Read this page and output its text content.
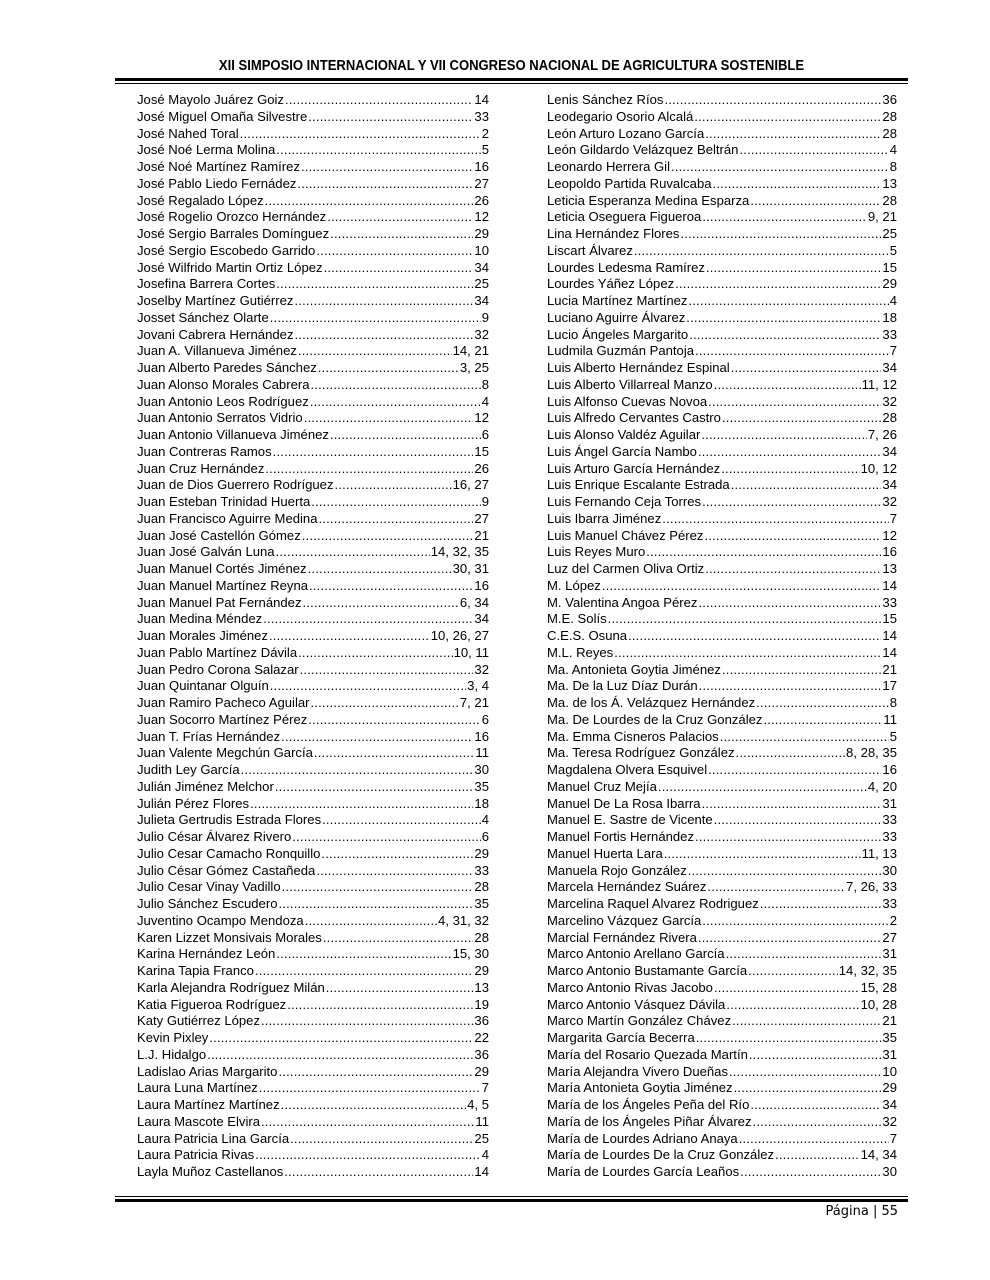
XII SIMPOSIO INTERNACIONAL Y VII CONGRESO NACIONAL DE AGRICULTURA SOSTENIBLE
José Mayolo Juárez Goiz .....	14
José Miguel Omaña Silvestre .....	33
José Nahed Toral .....	2
José Noé Lerma Molina .....	5
José Noé Martínez Ramírez .....	16
José Pablo Liedo Fernádez .....	27
José Regalado López .....	26
José Rogelio Orozco Hernández .....	12
José Sergio Barrales Domínguez .....	29
José Sergio Escobedo Garrido .....	10
José Wilfrido Martin Ortiz López .....	34
Josefina Barrera Cortes .....	25
Joselby Martínez Gutiérrez .....	34
Josset Sánchez Olarte .....	9
Jovani Cabrera Hernández .....	32
Juan A. Villanueva Jiménez .....	14, 21
Juan Alberto Paredes Sánchez .....	3, 25
Juan Alonso Morales Cabrera .....	8
Juan Antonio Leos Rodríguez .....	4
Juan Antonio Serratos Vidrio .....	12
Juan Antonio Villanueva Jiménez .....	6
Juan Contreras Ramos .....	15
Juan Cruz Hernández .....	26
Juan de Dios Guerrero Rodríguez .....	16, 27
Juan Esteban Trinidad Huerta .....	9
Juan Francisco Aguirre Medina .....	27
Juan José Castellón Gómez .....	21
Juan José Galván Luna .....	14, 32, 35
Juan Manuel Cortés Jiménez .....	30, 31
Juan Manuel Martínez Reyna .....	16
Juan Manuel Pat Fernández .....	6, 34
Juan Medina Méndez .....	34
Juan Morales Jiménez .....	10, 26, 27
Juan Pablo Martínez Dávila .....	10, 11
Juan Pedro Corona Salazar .....	32
Juan Quintanar Olguín .....	3, 4
Juan Ramiro Pacheco Aguilar .....	7, 21
Juan Socorro Martínez Pérez .....	6
Juan T. Frías Hernández .....	16
Juan Valente Megchún García .....	11
Judith Ley García .....	30
Julián Jiménez Melchor .....	35
Julián Pérez Flores .....	18
Julieta Gertrudis Estrada Flores .....	4
Julio César Álvarez Rivero .....	6
Julio Cesar Camacho Ronquillo .....	29
Julio César Gómez Castañeda .....	33
Julio Cesar Vinay Vadillo .....	28
Julio Sánchez Escudero .....	35
Juventino Ocampo Mendoza .....	4, 31, 32
Karen Lizzet Monsivais Morales .....	28
Karina Hernández León .....	15, 30
Karina Tapia Franco .....	29
Karla Alejandra Rodríguez Milán .....	13
Katia Figueroa Rodríguez .....	19
Katy Gutiérrez López .....	36
Kevin Pixley .....	22
L.J. Hidalgo .....	36
Ladislao Arias Margarito .....	29
Laura Luna Martínez .....	7
Laura Martínez Martínez .....	4, 5
Laura Mascote Elvira .....	11
Laura Patricia Lina García .....	25
Laura Patricia Rivas .....	4
Layla Muñoz Castellanos .....	14
Lenis Sánchez Ríos .....	36
Leodegario Osorio Alcalá .....	28
León Arturo Lozano García .....	28
León Gildardo Velázquez Beltrán .....	4
Leonardo Herrera Gil .....	8
Leopoldo Partida Ruvalcaba .....	13
Leticia Esperanza Medina Esparza .....	28
Leticia Oseguera Figueroa .....	9, 21
Lina Hernández Flores .....	25
Liscart Álvarez .....	5
Lourdes Ledesma Ramírez .....	15
Lourdes Yáñez López .....	29
Lucia Martínez Martínez .....	4
Luciano Aguirre Álvarez .....	18
Lucio Ángeles Margarito .....	33
Ludmila Guzmán Pantoja .....	7
Luis Alberto Hernández Espinal .....	34
Luis Alberto Villarreal Manzo .....	11, 12
Luis Alfonso Cuevas Novoa .....	32
Luis Alfredo Cervantes Castro .....	28
Luis Alonso Valdéz Aguilar .....	7, 26
Luis Ángel García Nambo .....	34
Luis Arturo García Hernández .....	10, 12
Luis Enrique Escalante Estrada .....	34
Luis Fernando Ceja Torres .....	32
Luis Ibarra Jiménez .....	7
Luis Manuel Chávez Pérez .....	12
Luis Reyes Muro .....	16
Luz del Carmen Oliva Ortiz .....	13
M. López .....	14
M. Valentina Angoa Pérez .....	33
M.E. Solís .....	15
C.E.S. Osuna .....	14
M.L. Reyes .....	14
Ma. Antonieta Goytia Jiménez .....	21
Ma. De la Luz Díaz Durán .....	17
Ma. de los Á. Velázquez Hernández .....	8
Ma. De Lourdes de la Cruz González .....	11
Ma. Emma Cisneros Palacios .....	5
Ma. Teresa Rodríguez González .....	8, 28, 35
Magdalena Olvera Esquivel .....	16
Manuel Cruz Mejía .....	4, 20
Manuel De La Rosa Ibarra .....	31
Manuel E. Sastre de Vicente .....	33
Manuel Fortis Hernández .....	33
Manuel Huerta Lara .....	11, 13
Manuela Rojo González .....	30
Marcela Hernández Suárez .....	7, 26, 33
Marcelina Raquel Alvarez Rodriguez .....	33
Marcelino Vázquez García .....	2
Marcial Fernández Rivera .....	27
Marco Antonio Arellano García .....	31
Marco Antonio Bustamante García .....	14, 32, 35
Marco Antonio Rivas Jacobo .....	15, 28
Marco Antonio Vásquez Dávila .....	10, 28
Marco Martín González Chávez .....	21
Margarita García Becerra .....	35
María del Rosario Quezada Martín .....	31
María Alejandra Vivero Dueñas .....	10
María Antonieta Goytia Jiménez .....	29
María de los Ángeles Peña del Río .....	34
María de los Ángeles Piñar Álvarez .....	32
María de Lourdes Adriano Anaya .....	7
María de Lourdes De la Cruz González .....	14, 34
María de Lourdes García Leaños .....	30
Página | 55
